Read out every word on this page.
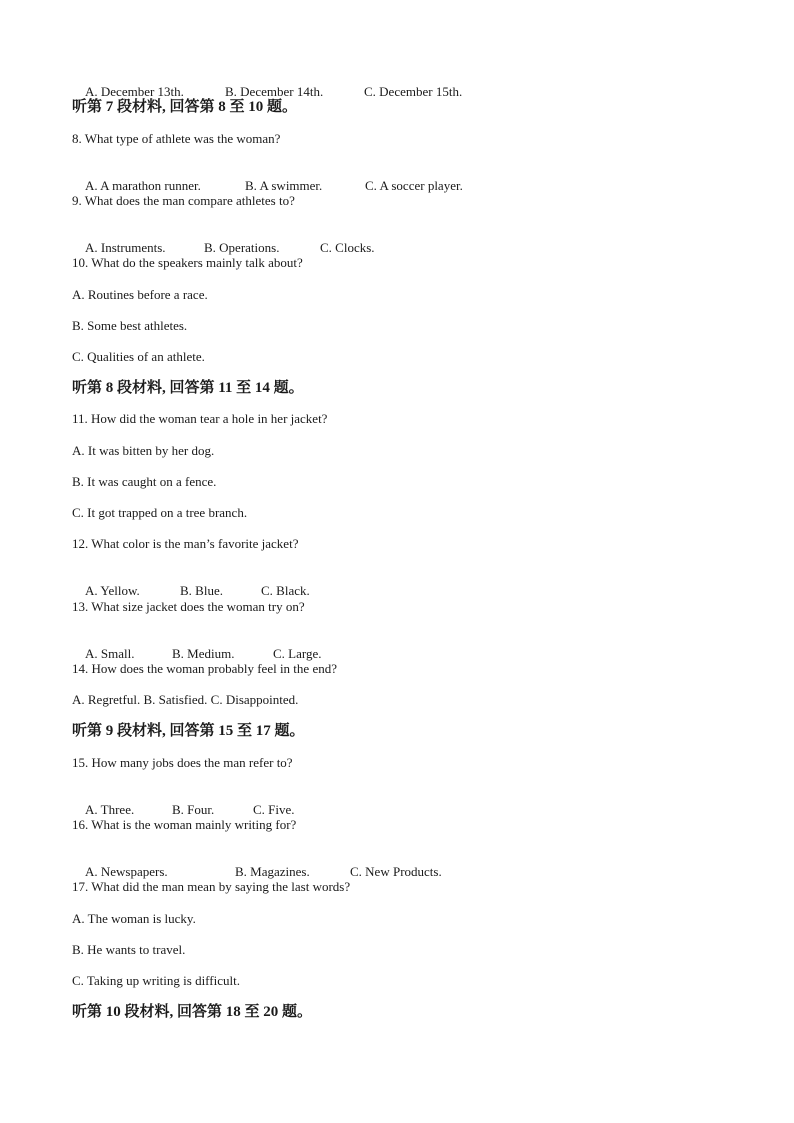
A. December 13th.	B. December 14th.	C. December 15th.

听第 7 段材料, 回答第 8 至 10 题。
8. What type of athlete was the woman?

A. A marathon runner.	B. A swimmer.	C. A soccer player.

9. What does the man compare athletes to?

A. Instruments.	B. Operations.	C. Clocks.

10. What do the speakers mainly talk about?
A. Routines before a race.
B. Some best athletes.
C. Qualities of an athlete.
听第 8 段材料, 回答第 11 至 14 题。
11. How did the woman tear a hole in her jacket?
A. It was bitten by her dog.
B. It was caught on a fence.
C. It got trapped on a tree branch.
12. What color is the man’s favorite jacket?

A. Yellow.	B. Blue.	C. Black.

13. What size jacket does the woman try on?

A. Small.	B. Medium.	C. Large.

14. How does the woman probably feel in the end?
A. Regretful. B. Satisfied. C. Disappointed.
听第 9 段材料, 回答第 15 至 17 题。
15. How many jobs does the man refer to?

A. Three.	B. Four.	C. Five.

16. What is the woman mainly writing for?

A. Newspapers.	B. Magazines.	C. New Products.

17. What did the man mean by saying the last words?
A. The woman is lucky.
B. He wants to travel.
C. Taking up writing is difficult.
听第 10 段材料, 回答第 18 至 20 题。
